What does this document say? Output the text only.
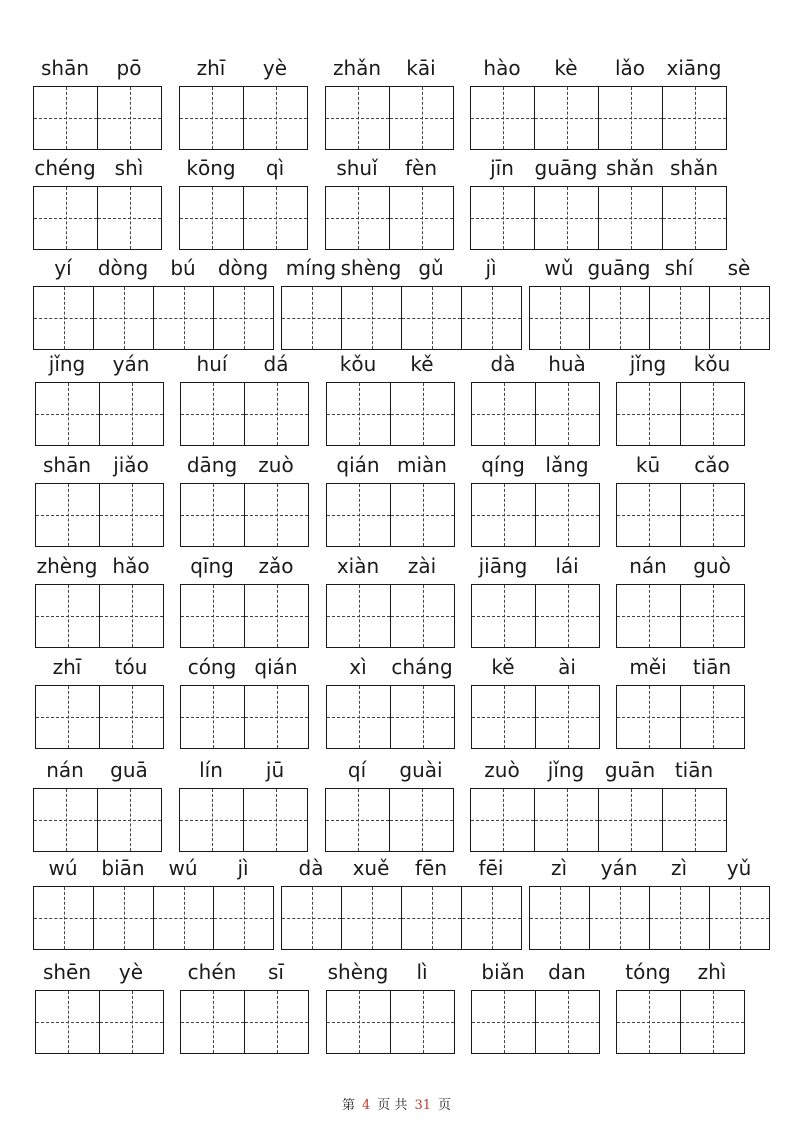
shān pō	zhī yè zhǎn kāi hào kè lǎo xiāng
chéng shì kōng qì	shuǐ fèn	jīn guāng shǎn shǎn
yí dòng bú dòng míng shèng gǔ jì wǔ guāng shí sè
jǐng yán huí dá	kǒu kě	dà huà jǐng kǒu
shān jiǎo dāng zuò qián miàn qíng lǎng kū cǎo
zhèng hǎo qīng zǎo xiàn zài jiāng lái	nán guò
zhī tóu cóng qián	xì cháng kě ài	měi tiān
nán guā	lín jū	qí guài zuò jǐng guān tiān
wú biān wú jì dà xuě fēn fēi zì yán zì yǔ
shēn yè chén sī shèng lì	biǎn dan tóng zhì
第 4 页 共 31 页
